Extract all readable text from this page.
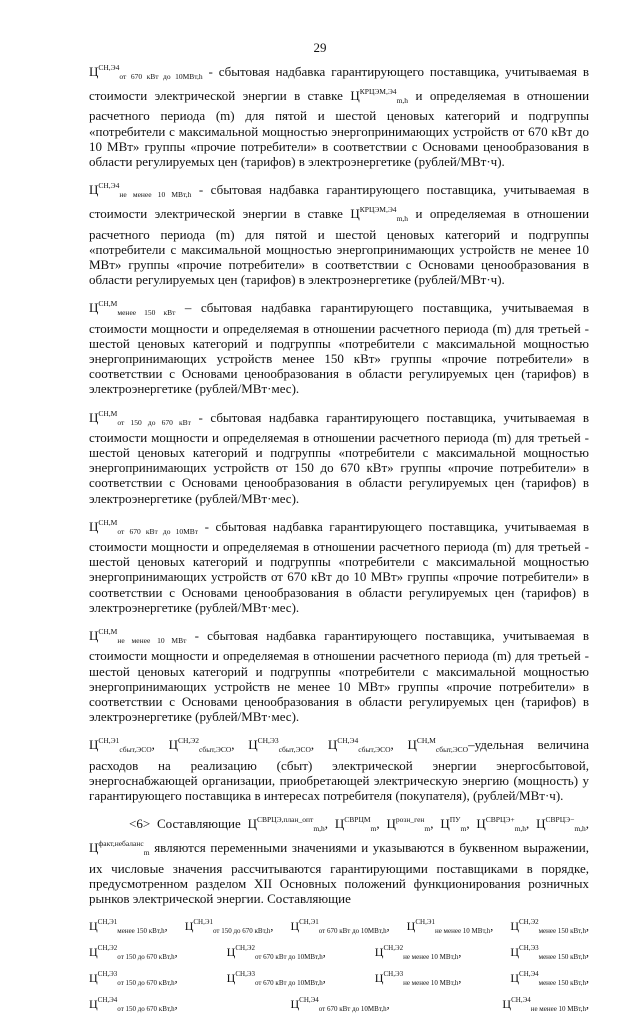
29

$Ц^{СН,Э4}_{от 670 кВт до 10МВт,h}$ - сбытовая надбавка гарантирующего поставщика, учитываемая в стоимости электрической энергии в ставке $Ц^{КРЦЭМ,Э4}_{m,h}$ и определяемая в отношении расчетного периода (m) для пятой и шестой ценовых категорий и подгруппы «потребители с максимальной мощностью энергопринимающих устройств от 670 кВт до 10 МВт» группы «прочие потребители» в соответствии с Основами ценообразования в области регулируемых цен (тарифов) в электроэнергетике (рублей/МВт·ч).

$Ц^{СН,Э4}_{не менее 10 МВт,h}$ - сбытовая надбавка гарантирующего поставщика, учитываемая в стоимости электрической энергии в ставке $Ц^{КРЦЭМ,Э4}_{m,h}$ и определяемая в отношении расчетного периода (m) для пятой и шестой ценовых категорий и подгруппы «потребители с максимальной мощностью энергопринимающих устройств не менее 10 МВт» группы «прочие потребители» в соответствии с Основами ценообразования в области регулируемых цен (тарифов) в электроэнергетике (рублей/МВт·ч).

$Ц^{СН,М}_{менее 150 кВт}$ – сбытовая надбавка гарантирующего поставщика, учитываемая в стоимости мощности и определяемая в отношении расчетного периода (m) для третьей - шестой ценовых категорий и подгруппы «потребители с максимальной мощностью энергопринимающих устройств менее 150 кВт» группы «прочие потребители» в соответствии с Основами ценообразования в области регулируемых цен (тарифов) в электроэнергетике (рублей/МВт·мес).

$Ц^{СН,М}_{от 150 до 670 кВт}$ - сбытовая надбавка гарантирующего поставщика, учитываемая в стоимости мощности и определяемая в отношении расчетного периода (m) для третьей - шестой ценовых категорий и подгруппы «потребители с максимальной мощностью энергопринимающих устройств от 150 до 670 кВт» группы «прочие потребители» в соответствии с Основами ценообразования в области регулируемых цен (тарифов) в электроэнергетике (рублей/МВт·мес).

$Ц^{СН,М}_{от 670 кВт до 10МВт}$ - сбытовая надбавка гарантирующего поставщика, учитываемая в стоимости мощности и определяемая в отношении расчетного периода (m) для третьей - шестой ценовых категорий и подгруппы «потребители с максимальной мощностью энергопринимающих устройств от 670 кВт до 10 МВт» группы «прочие потребители» в соответствии с Основами ценообразования в области регулируемых цен (тарифов) в электроэнергетике (рублей/МВт·мес).

$Ц^{СН,М}_{не менее 10 МВт}$ - сбытовая надбавка гарантирующего поставщика, учитываемая в стоимости мощности и определяемая в отношении расчетного периода (m) для третьей - шестой ценовых категорий и подгруппы «потребители с максимальной мощностью энергопринимающих устройств не менее 10 МВт» группы «прочие потребители» в соответствии с Основами ценообразования в области регулируемых цен (тарифов) в электроэнергетике (рублей/МВт·мес).

$Ц^{СН,Э1}_{сбыт,ЭСО}$, $Ц^{СН,Э2}_{сбыт,ЭСО}$, $Ц^{СН,Э3}_{сбыт,ЭСО}$, $Ц^{СН,Э4}_{сбыт,ЭСО}$, $Ц^{СН,М}_{сбыт,ЭСО}$–удельная величина расходов на реализацию (сбыт) электрической энергии энергосбытовой, энергоснабжающей организации, приобретающей электрическую энергию (мощность) у гарантирующего поставщика в интересах потребителя (покупателя), (рублей/МВт·ч).

<6> Составляющие $Ц^{СВРЦЭ,план\_опт}_{m,h}$, $Ц^{СВРЦМ}_m$, $Ц^{розн\_ген}_m$, $Ц^{ПУ}_m$, $Ц^{СВРЦЭ+}_{m,h}$, $Ц^{СВРЦЭ-}_{m,h}$, $Ц^{факт,небаланс}_m$ являются переменными значениями и указываются в буквенном выражении, их числовые значения рассчитываются гарантирующими поставщиками в порядке, предусмотренном разделом XII Основных положений функционирования розничных рынков электрической энергии. Составляющие

$Ц^{СН,Э1}_{менее 150 кВт,h}$, $Ц^{СН,Э1}_{от 150 до 670 кВт,h}$, $Ц^{СН,Э1}_{от 670 кВт до 10МВт,h}$, $Ц^{СН,Э1}_{не менее 10 МВт,h}$, $Ц^{СН,Э2}_{менее 150 кВт,h}$,
$Ц^{СН,Э2}_{от 150 до 670 кВт,h}$,	$Ц^{СН,Э2}_{от 670 кВт до 10МВт,h}$,	$Ц^{СН,Э2}_{не менее 10 МВт,h}$,	$Ц^{СН,Э3}_{менее 150 кВт,h}$,
$Ц^{СН,Э3}_{от 150 до 670 кВт,h}$,	$Ц^{СН,Э3}_{от 670 кВт до 10МВт,h}$,	$Ц^{СН,Э3}_{не менее 10 МВт,h}$,	$Ц^{СН,Э4}_{менее 150 кВт,h}$,
$Ц^{СН,Э4}_{от 150 до 670 кВт,h}$,	$Ц^{СН,Э4}_{от 670 кВт до 10МВт,h}$,	$Ц^{СН,Э4}_{не менее 10 МВт,h}$,
